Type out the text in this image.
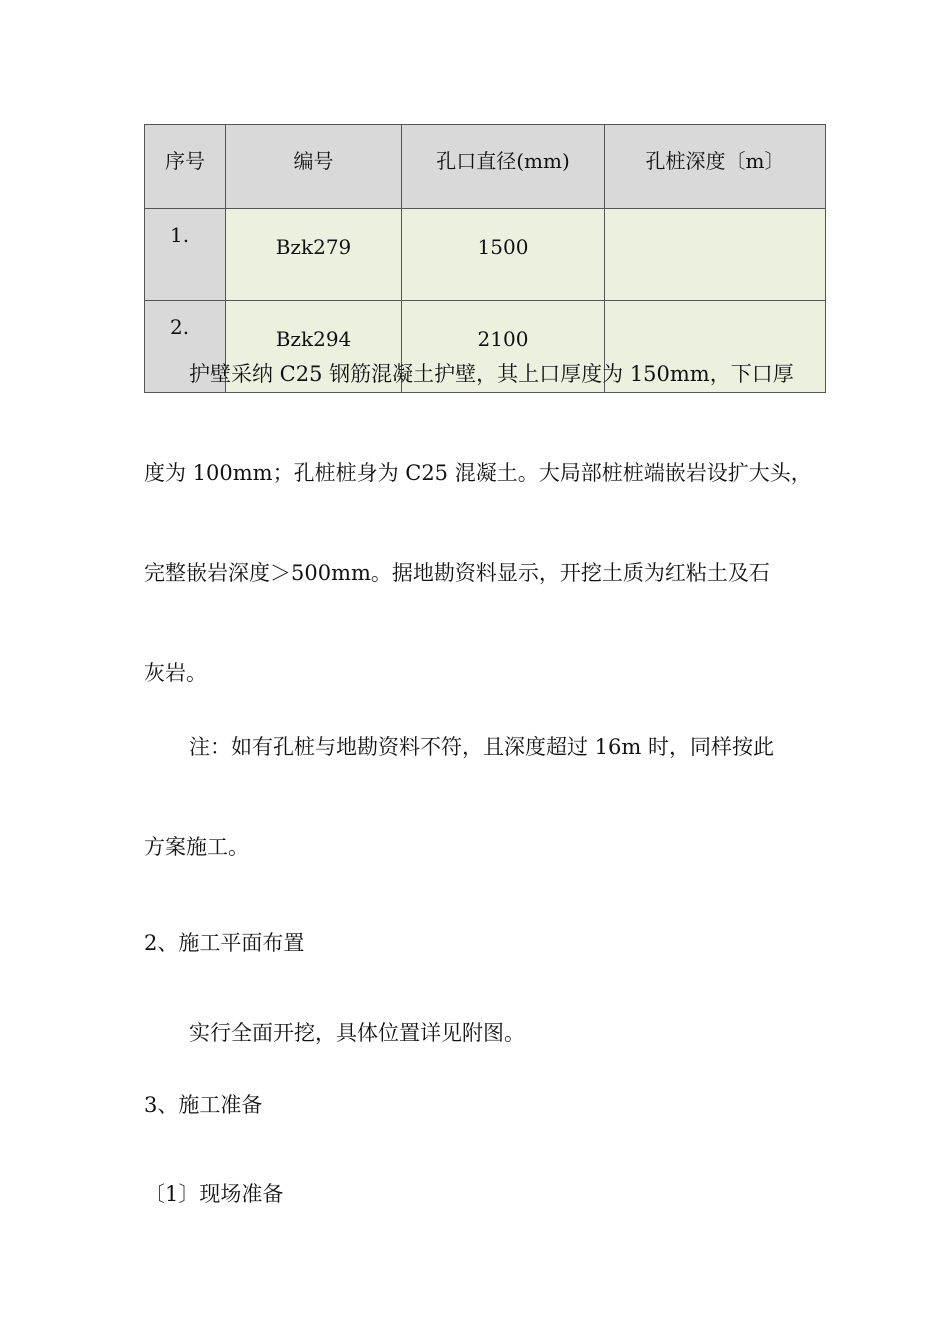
序号	编号	孔口直径(mm)	孔桩深度〔m〕
1.	Bzk279	1500	
2.	Bzk294	2100	
护壁采纳 C25 钢筋混凝土护壁，其上口厚度为 150mm，下口厚
度为 100mm；孔桩桩身为 C25 混凝土。大局部桩桩端嵌岩设扩大头，
完整嵌岩深度＞500mm。据地勘资料显示，开挖土质为红粘土及石
灰岩。
注：如有孔桩与地勘资料不符，且深度超过 16m 时，同样按此
方案施工。
2、施工平面布置
实行全面开挖，具体位置详见附图。
3、施工准备
〔1〕现场准备
